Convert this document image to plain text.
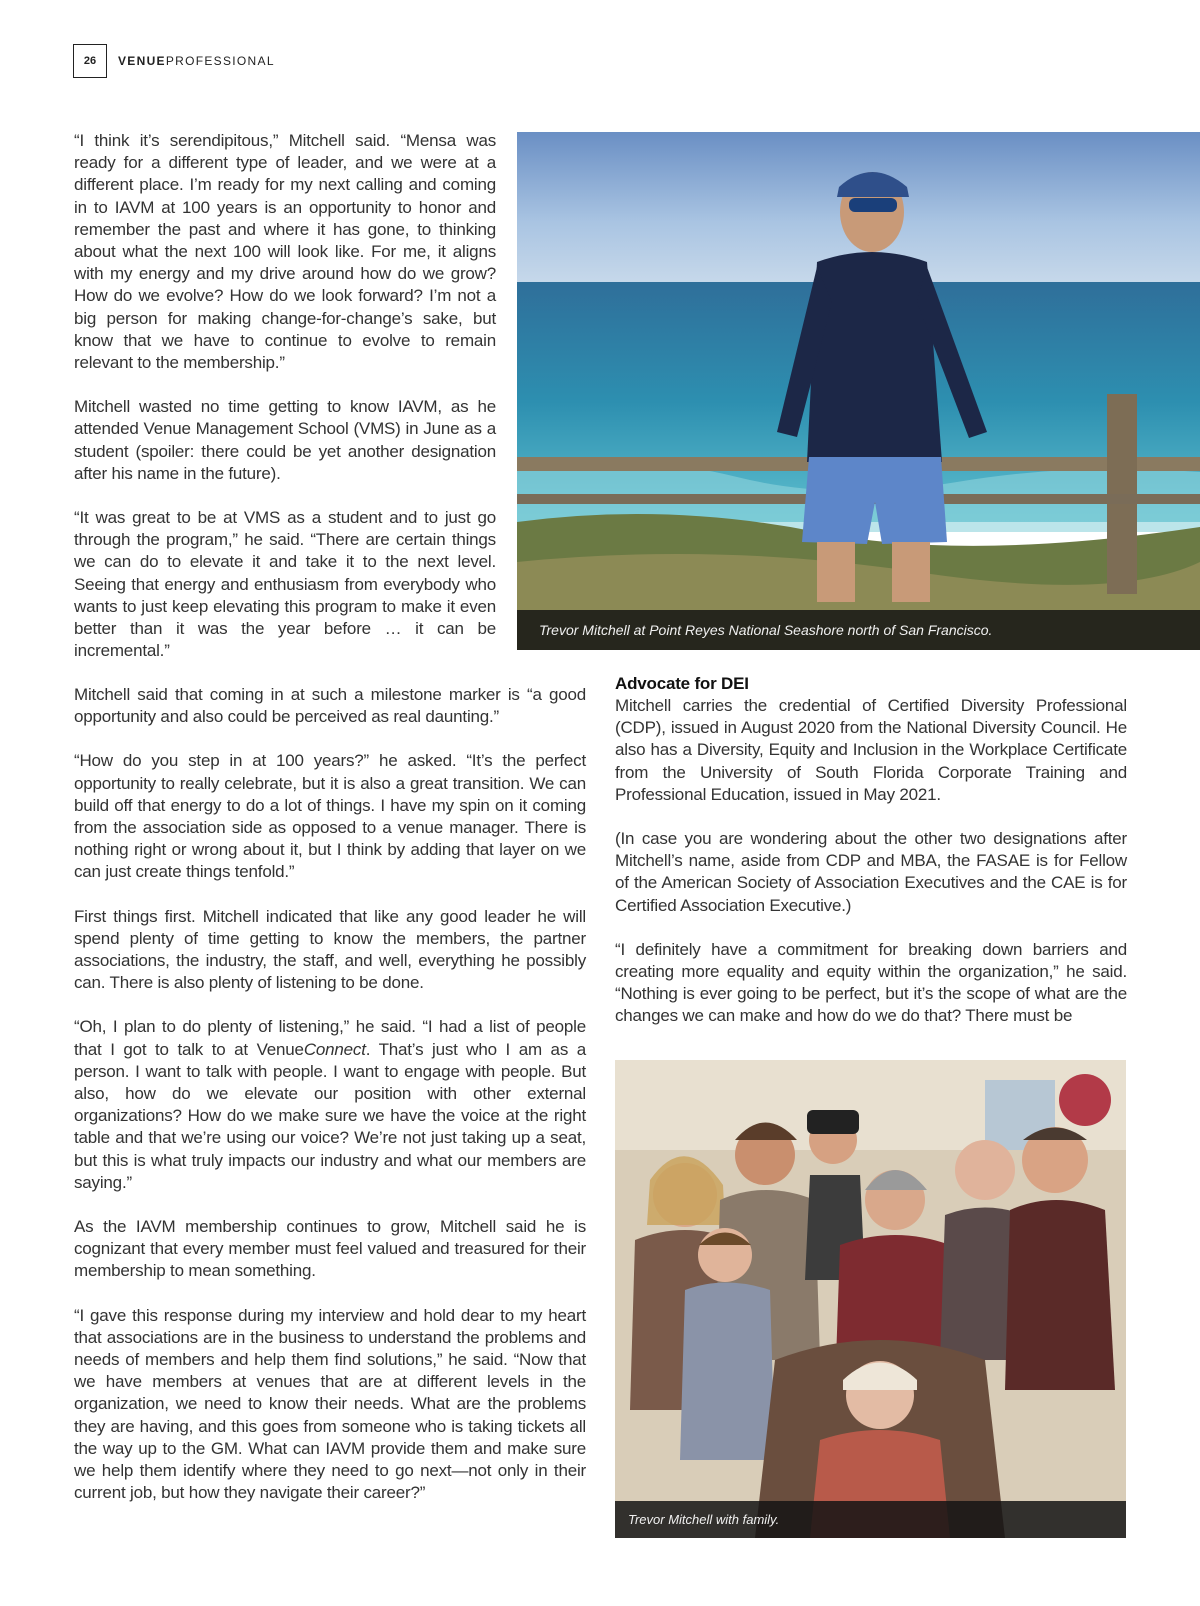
26	VENUEPROFESSIONAL

“I think it’s serendipitous,” Mitchell said. “Mensa was ready for a different type of leader, and we were at a different place. I’m ready for my next calling and coming in to IAVM at 100 years is an opportunity to honor and remember the past and where it has gone, to thinking about what the next 100 will look like. For me, it aligns with my energy and my drive around how do we grow? How do we evolve? How do we look forward? I’m not a big person for making change-for-change’s sake, but know that we have to continue to evolve to remain relevant to the membership.”

Mitchell wasted no time getting to know IAVM, as he attended Venue Management School (VMS) in June as a student (spoiler: there could be yet another designation after his name in the future).

“It was great to be at VMS as a student and to just go through the program,” he said. “There are certain things we can do to elevate it and take it to the next level. Seeing that energy and enthusiasm from everybody who wants to just keep elevating this program to make it even better than it was the year before … it can be incremental.”

Trevor Mitchell at Point Reyes National Seashore north of San Francisco.

Mitchell said that coming in at such a milestone marker is “a good opportunity and also could be perceived as real daunting.”

“How do you step in at 100 years?” he asked. “It’s the perfect opportunity to really celebrate, but it is also a great transition. We can build off that energy to do a lot of things. I have my spin on it coming from the association side as opposed to a venue manager. There is nothing right or wrong about it, but I think by adding that layer on we can just create things tenfold.”

First things first. Mitchell indicated that like any good leader he will spend plenty of time getting to know the members, the partner associations, the industry, the staff, and well, everything he possibly can. There is also plenty of listening to be done.

“Oh, I plan to do plenty of listening,” he said. “I had a list of people that I got to talk to at VenueConnect. That’s just who I am as a person. I want to talk with people. I want to engage with people. But also, how do we elevate our position with other external organizations? How do we make sure we have the voice at the right table and that we’re using our voice? We’re not just taking up a seat, but this is what truly impacts our industry and what our members are saying.”

As the IAVM membership continues to grow, Mitchell said he is cognizant that every member must feel valued and treasured for their membership to mean something.

“I gave this response during my interview and hold dear to my heart that associations are in the business to understand the problems and needs of members and help them find solutions,” he said. “Now that we have members at venues that are at different levels in the organization, we need to know their needs. What are the problems they are having, and this goes from someone who is taking tickets all the way up to the GM. What can IAVM provide them and make sure we help them identify where they need to go next—not only in their current job, but how they navigate their career?”

Advocate for DEI

Mitchell carries the credential of Certified Diversity Professional (CDP), issued in August 2020 from the National Diversity Council. He also has a Diversity, Equity and Inclusion in the Workplace Certificate from the University of South Florida Corporate Training and Professional Education, issued in May 2021.

(In case you are wondering about the other two designations after Mitchell’s name, aside from CDP and MBA, the FASAE is for Fellow of the American Society of Association Executives and the CAE is for Certified Association Executive.)

“I definitely have a commitment for breaking down barriers and creating more equality and equity within the organization,” he said. “Nothing is ever going to be perfect, but it’s the scope of what are the changes we can make and how do we do that? There must be

Trevor Mitchell with family.
